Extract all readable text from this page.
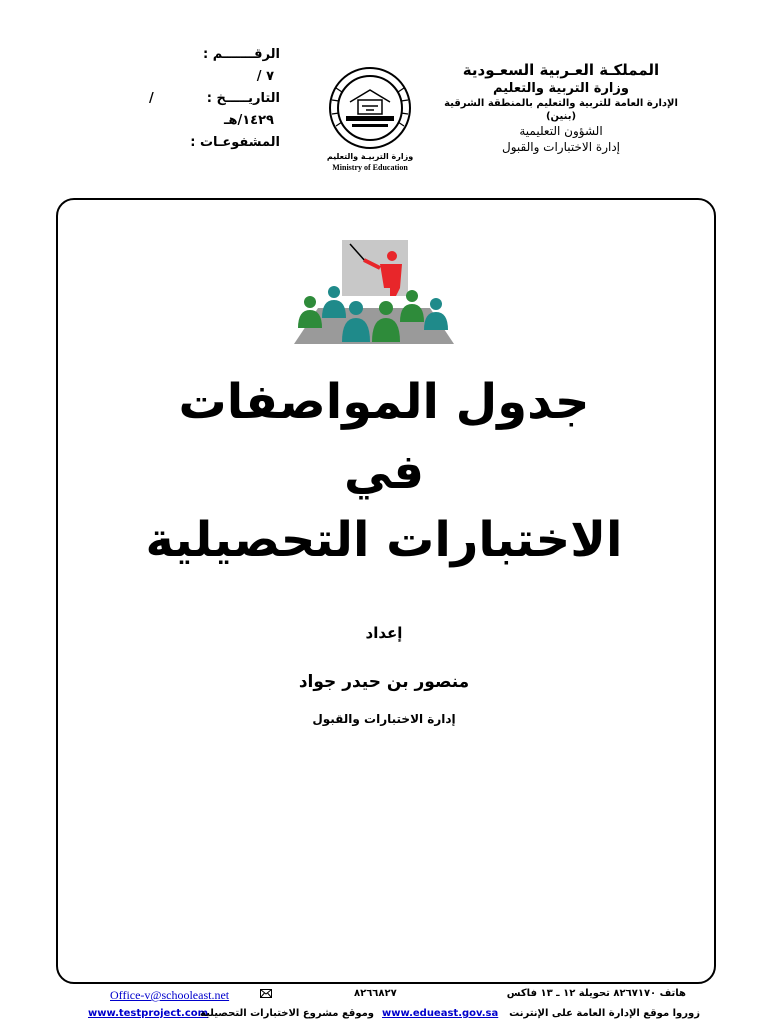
المملكـة العـربية السعـودية
وزارة التربية والتعليم
الإدارة العامة للتربية والتعليم بالمنطقة الشرقية
(بنين)
الشؤون التعليمية
إدارة الاختبارات والقبول
الرقـــــــم :
٧ /
التاريـــــخ :  /
١٤٢٩/هـ
المشفوعـات :
وزارة التربيـة والتعليم
Ministry of Education
جدول المواصفات
في
الاختبارات التحصيلية
إعداد
منصور بن حيدر جواد
إدارة الاختبارات والقبول
Office-v@schooleast.net	٨٢٦٦٨٢٧	هاتف ٨٢٦٧١٧٠ تحويلة ١٢ ـ ١٣ فاكس
www.testproject.com
وموقع مشروع الاختبارات التحصيلية www.edueast.gov.sa زوروا موقع الإدارة العامة على الإنترنت
